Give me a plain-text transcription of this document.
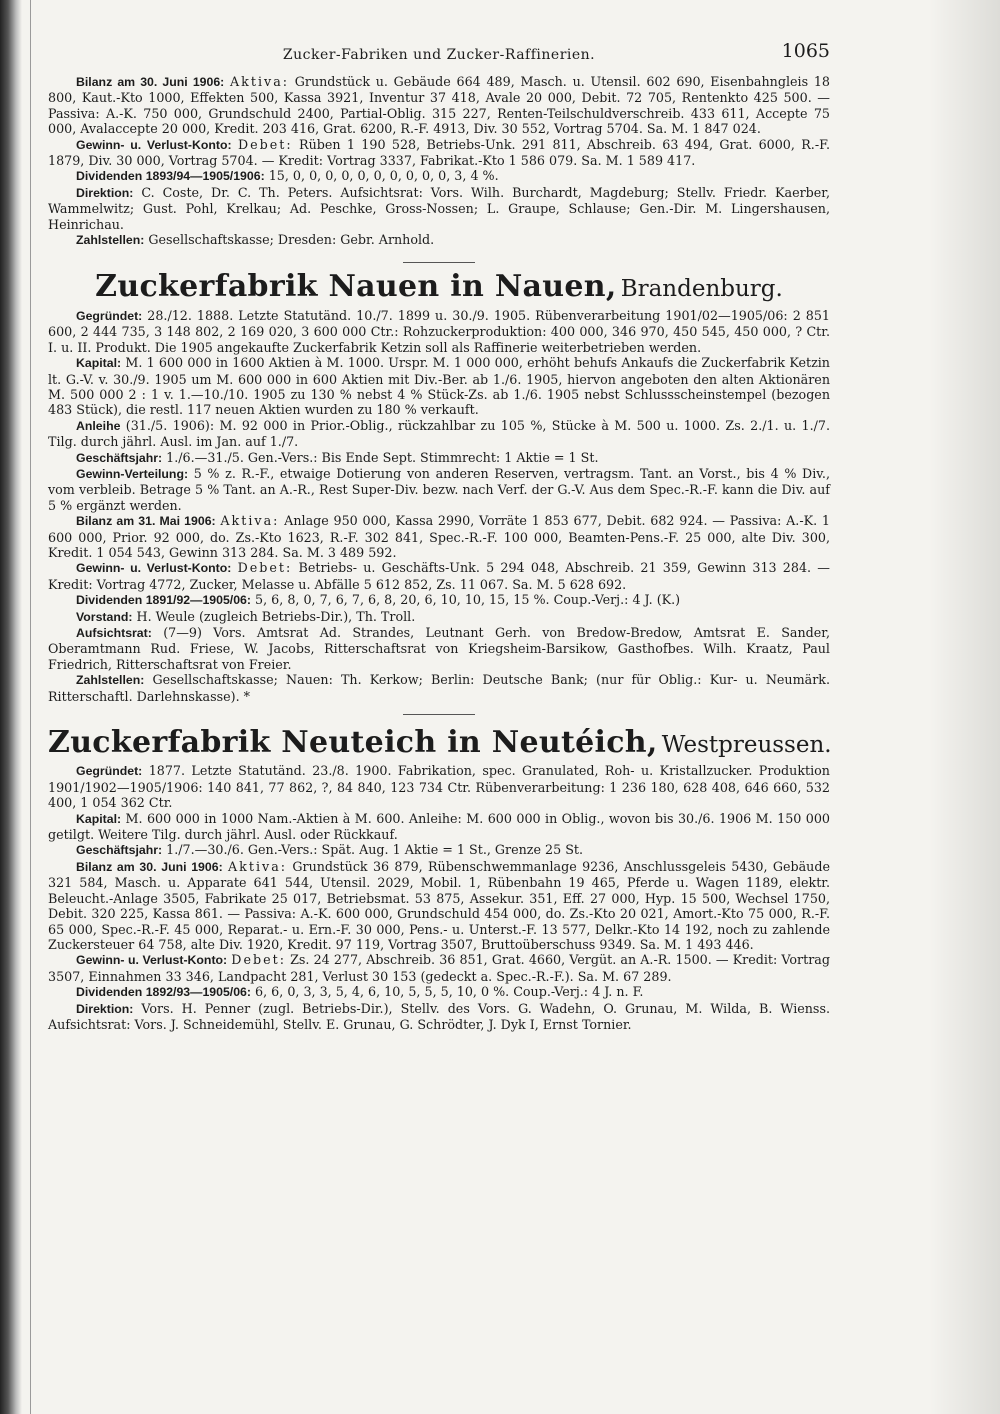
Zucker-Fabriken und Zucker-Raffinerien.	1065

Bilanz am 30. Juni 1906: Aktiva: Grundstück u. Gebäude 664 489, Masch. u. Utensil. 602 690, Eisenbahngleis 18 800, Kaut.-Kto 1000, Effekten 500, Kassa 3921, Inventur 37 418, Avale 20 000, Debit. 72 705, Rentenkto 425 500. — Passiva: A.-K. 750 000, Grundschuld 2400, Partial-Oblig. 315 227, Renten-Teilschuldverschreib. 433 611, Accepte 75 000, Avalaccepte 20 000, Kredit. 203 416, Grat. 6200, R.-F. 4913, Div. 30 552, Vortrag 5704. Sa. M. 1 847 024.

Gewinn- u. Verlust-Konto: Debet: Rüben 1 190 528, Betriebs-Unk. 291 811, Abschreib. 63 494, Grat. 6000, R.-F. 1879, Div. 30 000, Vortrag 5704. — Kredit: Vortrag 3337, Fabrikat.-Kto 1 586 079. Sa. M. 1 589 417.

Dividenden 1893/94—1905/1906: 15, 0, 0, 0, 0, 0, 0, 0, 0, 0, 0, 3, 4 %.

Direktion: C. Coste, Dr. C. Th. Peters. Aufsichtsrat: Vors. Wilh. Burchardt, Magdeburg; Stellv. Friedr. Kaerber, Wammelwitz; Gust. Pohl, Krelkau; Ad. Peschke, Gross-Nossen; L. Graupe, Schlause; Gen.-Dir. M. Lingershausen, Heinrichau.

Zahlstellen: Gesellschaftskasse; Dresden: Gebr. Arnhold.

Zuckerfabrik Nauen in Nauen, Brandenburg.

Gegründet: 28./12. 1888. Letzte Statutänd. 10./7. 1899 u. 30./9. 1905. Rübenverarbeitung 1901/02—1905/06: 2 851 600, 2 444 735, 3 148 802, 2 169 020, 3 600 000 Ctr.: Rohzuckerproduktion: 400 000, 346 970, 450 545, 450 000, ? Ctr. I. u. II. Produkt. Die 1905 angekaufte Zuckerfabrik Ketzin soll als Raffinerie weiterbetrieben werden.

Kapital: M. 1 600 000 in 1600 Aktien à M. 1000. Urspr. M. 1 000 000, erhöht behufs Ankaufs die Zuckerfabrik Ketzin lt. G.-V. v. 30./9. 1905 um M. 600 000 in 600 Aktien mit Div.-Ber. ab 1./6. 1905, hiervon angeboten den alten Aktionären M. 500 000 2 : 1 v. 1.—10./10. 1905 zu 130 % nebst 4 % Stück-Zs. ab 1./6. 1905 nebst Schlussscheinstempel (bezogen 483 Stück), die restl. 117 neuen Aktien wurden zu 180 % verkauft.

Anleihe (31./5. 1906): M. 92 000 in Prior.-Oblig., rückzahlbar zu 105 %, Stücke à M. 500 u. 1000. Zs. 2./1. u. 1./7. Tilg. durch jährl. Ausl. im Jan. auf 1./7.

Geschäftsjahr: 1./6.—31./5. Gen.-Vers.: Bis Ende Sept. Stimmrecht: 1 Aktie = 1 St.

Gewinn-Verteilung: 5 % z. R.-F., etwaige Dotierung von anderen Reserven, vertragsm. Tant. an Vorst., bis 4 % Div., vom verbleib. Betrage 5 % Tant. an A.-R., Rest Super-Div. bezw. nach Verf. der G.-V. Aus dem Spec.-R.-F. kann die Div. auf 5 % ergänzt werden.

Bilanz am 31. Mai 1906: Aktiva: Anlage 950 000, Kassa 2990, Vorräte 1 853 677, Debit. 682 924. — Passiva: A.-K. 1 600 000, Prior. 92 000, do. Zs.-Kto 1623, R.-F. 302 841, Spec.-R.-F. 100 000, Beamten-Pens.-F. 25 000, alte Div. 300, Kredit. 1 054 543, Gewinn 313 284. Sa. M. 3 489 592.

Gewinn- u. Verlust-Konto: Debet: Betriebs- u. Geschäfts-Unk. 5 294 048, Abschreib. 21 359, Gewinn 313 284. — Kredit: Vortrag 4772, Zucker, Melasse u. Abfälle 5 612 852, Zs. 11 067. Sa. M. 5 628 692.

Dividenden 1891/92—1905/06: 5, 6, 8, 0, 7, 6, 7, 6, 8, 20, 6, 10, 10, 15, 15 %. Coup.-Verj.: 4 J. (K.)

Vorstand: H. Weule (zugleich Betriebs-Dir.), Th. Troll.

Aufsichtsrat: (7—9) Vors. Amtsrat Ad. Strandes, Leutnant Gerh. von Bredow-Bredow, Amtsrat E. Sander, Oberamtmann Rud. Friese, W. Jacobs, Ritterschaftsrat von Kriegsheim-Barsikow, Gasthofbes. Wilh. Kraatz, Paul Friedrich, Ritterschaftsrat von Freier.

Zahlstellen: Gesellschaftskasse; Nauen: Th. Kerkow; Berlin: Deutsche Bank; (nur für Oblig.: Kur- u. Neumärk. Ritterschaftl. Darlehnskasse). *

Zuckerfabrik Neuteich in Neutéich, Westpreussen.

Gegründet: 1877. Letzte Statutänd. 23./8. 1900. Fabrikation, spec. Granulated, Roh- u. Kristallzucker. Produktion 1901/1902—1905/1906: 140 841, 77 862, ?, 84 840, 123 734 Ctr. Rübenverarbeitung: 1 236 180, 628 408, 646 660, 532 400, 1 054 362 Ctr.

Kapital: M. 600 000 in 1000 Nam.-Aktien à M. 600. Anleihe: M. 600 000 in Oblig., wovon bis 30./6. 1906 M. 150 000 getilgt. Weitere Tilg. durch jährl. Ausl. oder Rückkauf.

Geschäftsjahr: 1./7.—30./6. Gen.-Vers.: Spät. Aug. 1 Aktie = 1 St., Grenze 25 St.

Bilanz am 30. Juni 1906: Aktiva: Grundstück 36 879, Rübenschwemmanlage 9236, Anschlussgeleis 5430, Gebäude 321 584, Masch. u. Apparate 641 544, Utensil. 2029, Mobil. 1, Rübenbahn 19 465, Pferde u. Wagen 1189, elektr. Beleucht.-Anlage 3505, Fabrikate 25 017, Betriebsmat. 53 875, Assekur. 351, Eff. 27 000, Hyp. 15 500, Wechsel 1750, Debit. 320 225, Kassa 861. — Passiva: A.-K. 600 000, Grundschuld 454 000, do. Zs.-Kto 20 021, Amort.-Kto 75 000, R.-F. 65 000, Spec.-R.-F. 45 000, Reparat.- u. Ern.-F. 30 000, Pens.- u. Unterst.-F. 13 577, Delkr.-Kto 14 192, noch zu zahlende Zuckersteuer 64 758, alte Div. 1920, Kredit. 97 119, Vortrag 3507, Bruttoüberschuss 9349. Sa. M. 1 493 446.

Gewinn- u. Verlust-Konto: Debet: Zs. 24 277, Abschreib. 36 851, Grat. 4660, Vergüt. an A.-R. 1500. — Kredit: Vortrag 3507, Einnahmen 33 346, Landpacht 281, Verlust 30 153 (gedeckt a. Spec.-R.-F.). Sa. M. 67 289.

Dividenden 1892/93—1905/06: 6, 6, 0, 3, 3, 5, 4, 6, 10, 5, 5, 5, 10, 0 %. Coup.-Verj.: 4 J. n. F.

Direktion: Vors. H. Penner (zugl. Betriebs-Dir.), Stellv. des Vors. G. Wadehn, O. Grunau, M. Wilda, B. Wienss. Aufsichtsrat: Vors. J. Schneidemühl, Stellv. E. Grunau, G. Schrödter, J. Dyk I, Ernst Tornier.
